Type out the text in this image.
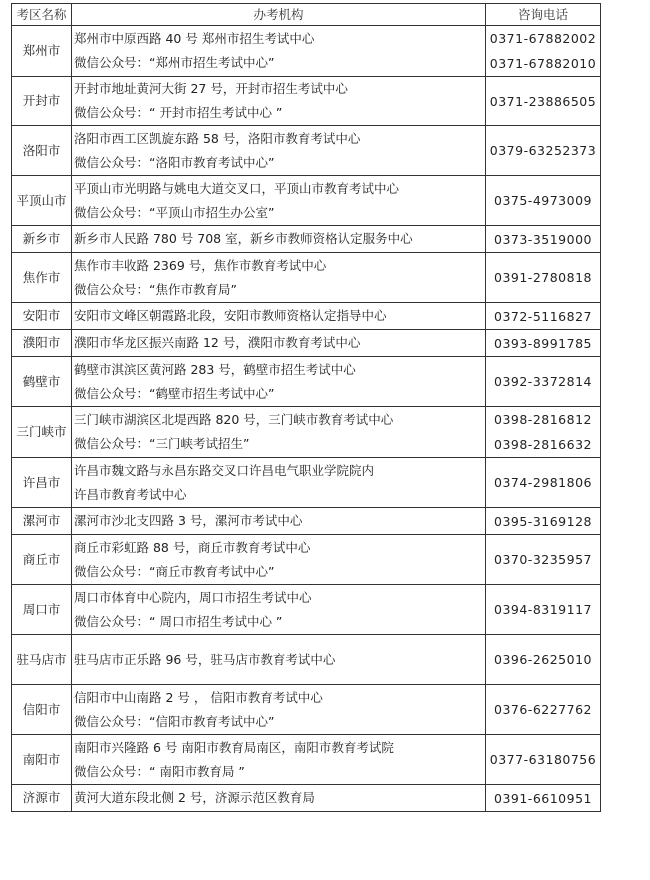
考区名称	办考机构	咨询电话
郑州市	郑州市中原西路 40 号 郑州市招生考试中心
微信公众号：“郑州市招生考试中心”	0371-67882002
0371-67882010

开封市	开封市地址黄河大街 27 号，开封市招生考试中心
微信公众号：“ 开封市招生考试中心 ”	0371-23886505

洛阳市	洛阳市西工区凯旋东路 58 号，洛阳市教育考试中心
微信公众号：“洛阳市教育考试中心”	0379-63252373

平顶山市	平顶山市光明路与姚电大道交叉口，平顶山市教育考试中心
微信公众号：“平顶山市招生办公室”	0375-4973009

新乡市	新乡市人民路 780 号 708 室，新乡市教师资格认定服务中心	0373-3519000

焦作市	焦作市丰收路 2369 号，焦作市教育考试中心
微信公众号：“焦作市教育局”	0391-2780818

安阳市	安阳市文峰区朝霞路北段，安阳市教师资格认定指导中心	0372-5116827

濮阳市	濮阳市华龙区振兴南路 12 号，濮阳市教育考试中心	0393-8991785

鹤壁市	鹤壁市淇滨区黄河路 283 号，鹤壁市招生考试中心
微信公众号：“鹤壁市招生考试中心”	0392-3372814

三门峡市	三门峡市湖滨区北堤西路 820 号，三门峡市教育考试中心
微信公众号：“三门峡考试招生”	0398-2816812
0398-2816632

许昌市	许昌市魏文路与永昌东路交叉口许昌电气职业学院院内
许昌市教育考试中心	0374-2981806

漯河市	漯河市沙北支四路 3 号，漯河市考试中心	0395-3169128

商丘市	商丘市彩虹路 88 号，商丘市教育考试中心
微信公众号：“商丘市教育考试中心”	0370-3235957

周口市	周口市体育中心院内，周口市招生考试中心
微信公众号：“ 周口市招生考试中心 ”	0394-8319117

驻马店市	驻马店市正乐路 96 号，驻马店市教育考试中心	0396-2625010

信阳市	信阳市中山南路 2 号 ， 信阳市教育考试中心
微信公众号：“信阳市教育考试中心”	0376-6227762

南阳市	南阳市兴隆路 6 号 南阳市教育局南区，南阳市教育考试院
微信公众号：“ 南阳市教育局 ”	0377-63180756

济源市	黄河大道东段北侧 2 号，济源示范区教育局	0391-6610951
